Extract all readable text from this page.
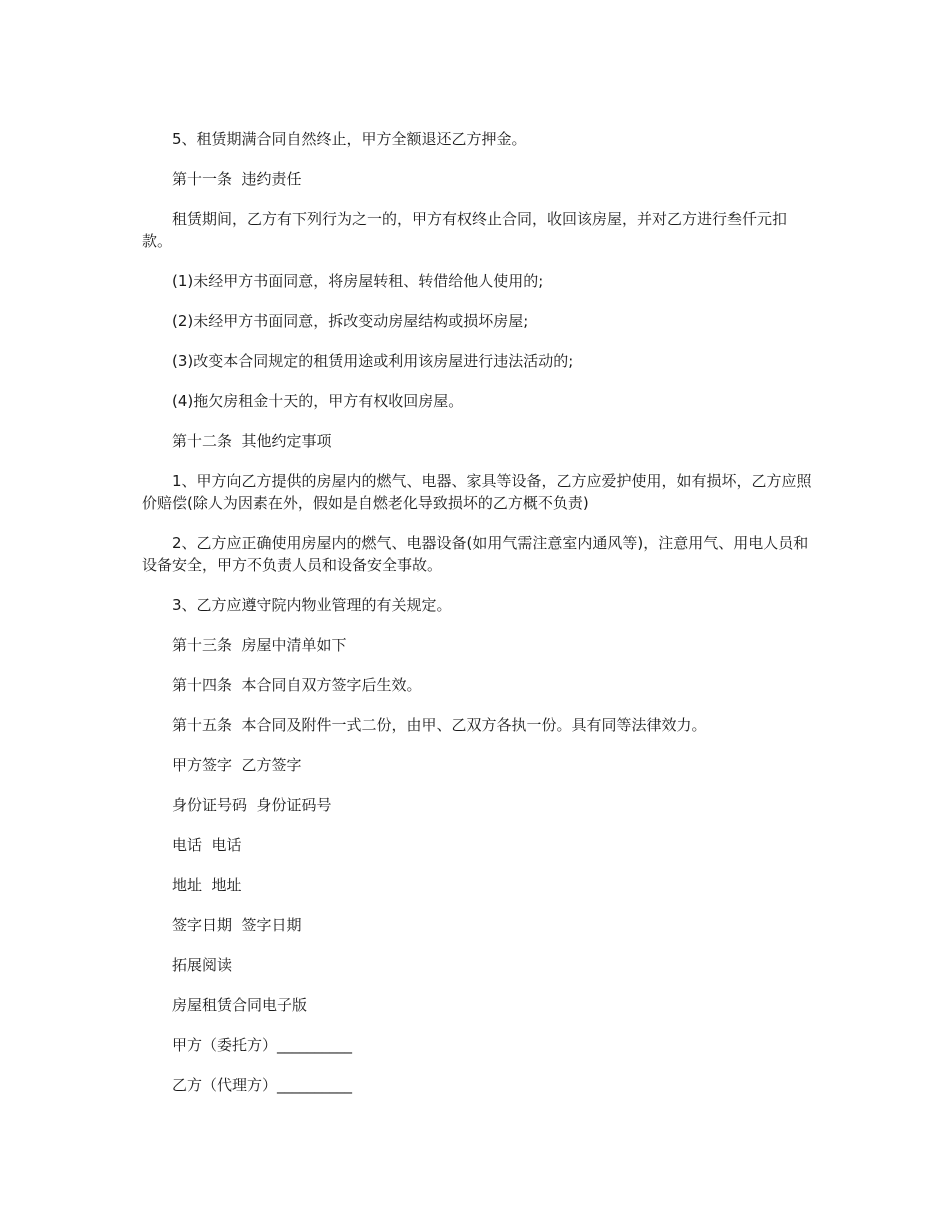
5、租赁期满合同自然终止，甲方全额退还乙方押金。

第十一条  违约责任

租赁期间，乙方有下列行为之一的，甲方有权终止合同，收回该房屋，并对乙方进行叁仟元扣款。

(1)未经甲方书面同意，将房屋转租、转借给他人使用的;

(2)未经甲方书面同意，拆改变动房屋结构或损坏房屋;

(3)改变本合同规定的租赁用途或利用该房屋进行违法活动的;

(4)拖欠房租金十天的，甲方有权收回房屋。

第十二条  其他约定事项

1、甲方向乙方提供的房屋内的燃气、电器、家具等设备，乙方应爱护使用，如有损坏，乙方应照价赔偿(除人为因素在外，假如是自燃老化导致损坏的乙方概不负责)

2、乙方应正确使用房屋内的燃气、电器设备(如用气需注意室内通风等)，注意用气、用电人员和设备安全，甲方不负责人员和设备安全事故。

3、乙方应遵守院内物业管理的有关规定。

第十三条  房屋中清单如下

第十四条  本合同自双方签字后生效。

第十五条  本合同及附件一式二份，由甲、乙双方各执一份。具有同等法律效力。

甲方签字  乙方签字

身份证号码  身份证码号

电话  电话

地址  地址

签字日期  签字日期

拓展阅读

房屋租赁合同电子版

甲方（委托方）__________

乙方（代理方）__________
